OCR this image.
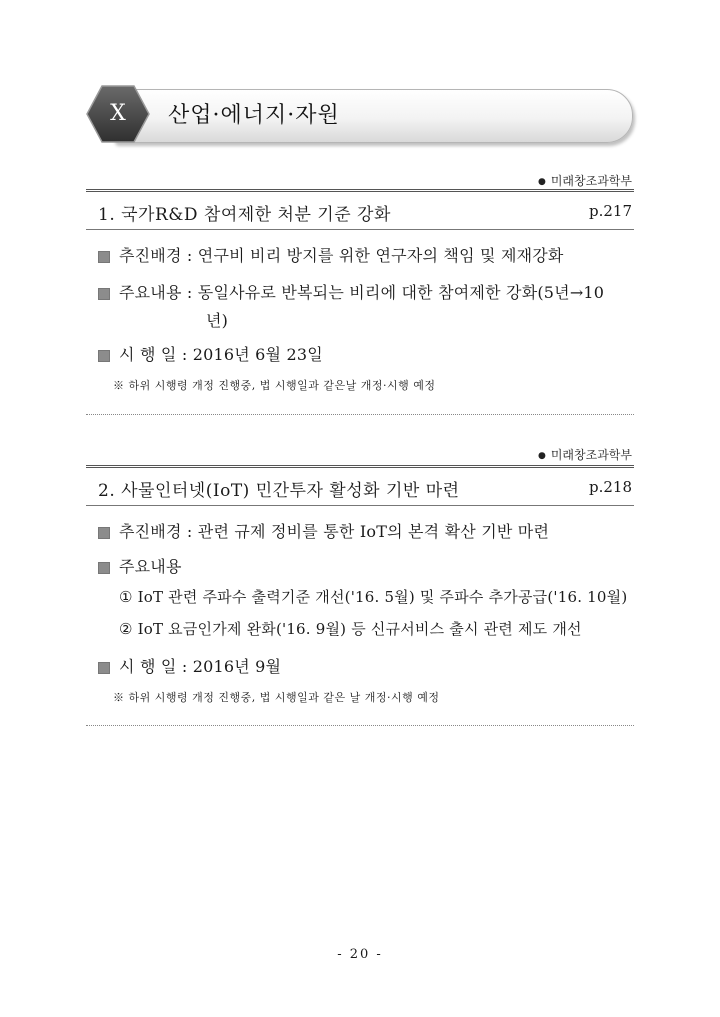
Ⅹ	산업·에너지·자원
● 미래창조과학부
1. 국가R&D 참여제한 처분 기준 강화	p.217
추진배경 : 연구비 비리 방지를 위한 연구자의 책임 및 제재강화
주요내용 : 동일사유로 반복되는 비리에 대한 참여제한 강화(5년→10
년)
시 행 일 : 2016년 6월 23일
※ 하위 시행령 개정 진행중, 법 시행일과 같은날 개정·시행 예정
● 미래창조과학부
2. 사물인터넷(IoT) 민간투자 활성화 기반 마련	p.218
추진배경 : 관련 규제 정비를 통한 IoT의 본격 확산 기반 마련
주요내용
① IoT 관련 주파수 출력기준 개선('16. 5월) 및 주파수 추가공급('16. 10월)
② IoT 요금인가제 완화('16. 9월) 등 신규서비스 출시 관련 제도 개선
시 행 일 : 2016년 9월
※ 하위 시행령 개정 진행중, 법 시행일과 같은 날 개정·시행 예정
- 20 -
